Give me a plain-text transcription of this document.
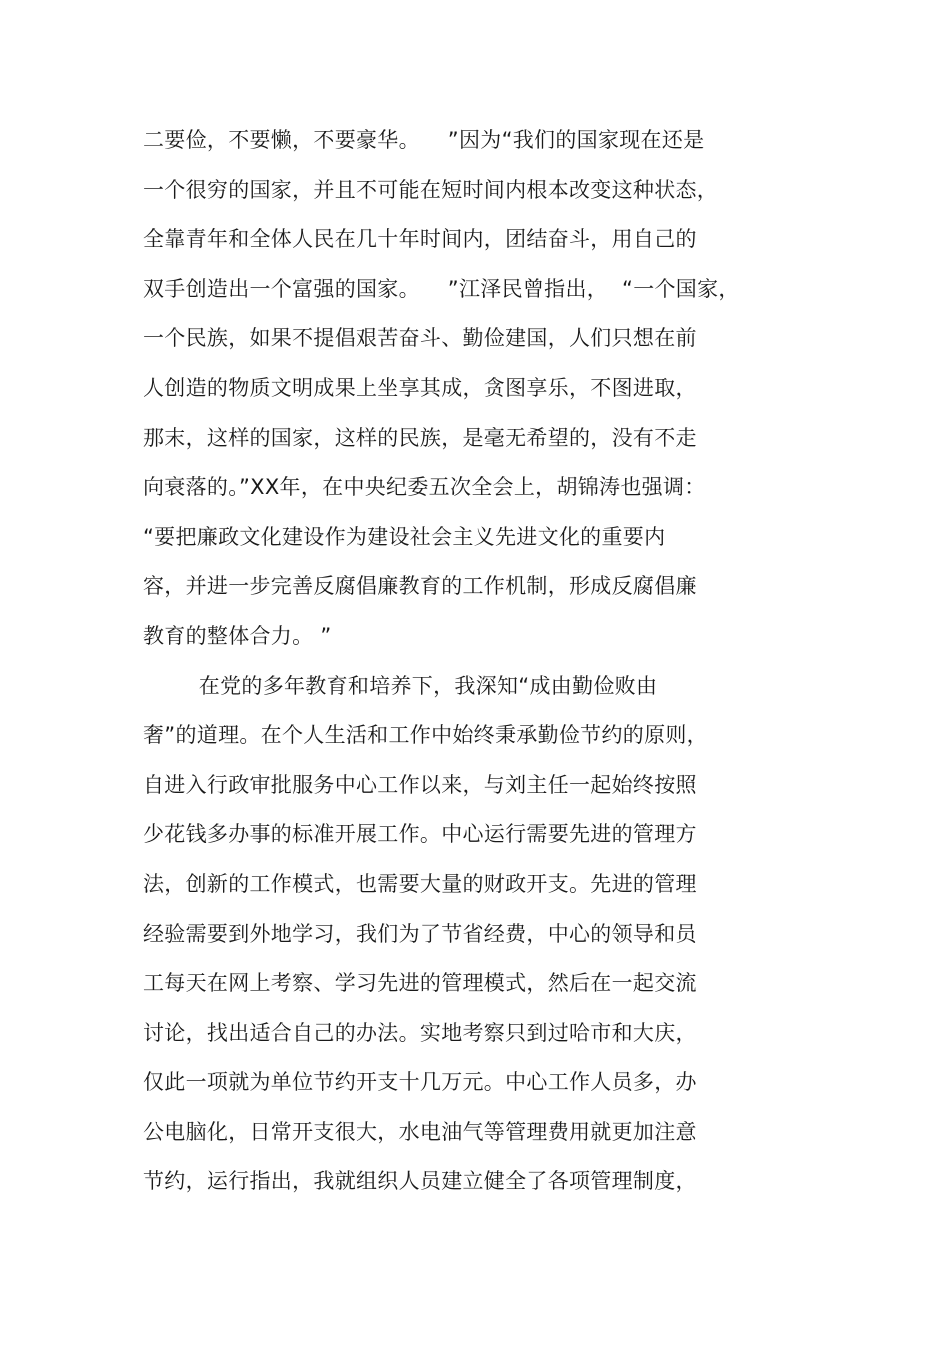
二要俭，不要懒，不要豪华。    ”因为“我们的国家现在还是
一个很穷的国家，并且不可能在短时间内根本改变这种状态，
全靠青年和全体人民在几十年时间内，团结奋斗，用自己的
双手创造出一个富强的国家。    ”江泽民曾指出，  “一个国家，
一个民族，如果不提倡艰苦奋斗、勤俭建国，人们只想在前
人创造的物质文明成果上坐享其成，贪图享乐，不图进取，
那末，这样的国家，这样的民族，是毫无希望的，没有不走
向衰落的。”XX年，在中央纪委五次全会上，胡锦涛也强调：
“要把廉政文化建设作为建设社会主义先进文化的重要内
容，并进一步完善反腐倡廉教育的工作机制，形成反腐倡廉
教育的整体合力。 ”
在党的多年教育和培养下，我深知“成由勤俭败由
奢”的道理。在个人生活和工作中始终秉承勤俭节约的原则，
自进入行政审批服务中心工作以来，与刘主任一起始终按照
少花钱多办事的标准开展工作。中心运行需要先进的管理方
法，创新的工作模式，也需要大量的财政开支。先进的管理
经验需要到外地学习，我们为了节省经费，中心的领导和员
工每天在网上考察、学习先进的管理模式，然后在一起交流
讨论，找出适合自己的办法。实地考察只到过哈市和大庆，
仅此一项就为单位节约开支十几万元。中心工作人员多，办
公电脑化，日常开支很大，水电油气等管理费用就更加注意
节约，运行指出，我就组织人员建立健全了各项管理制度，
